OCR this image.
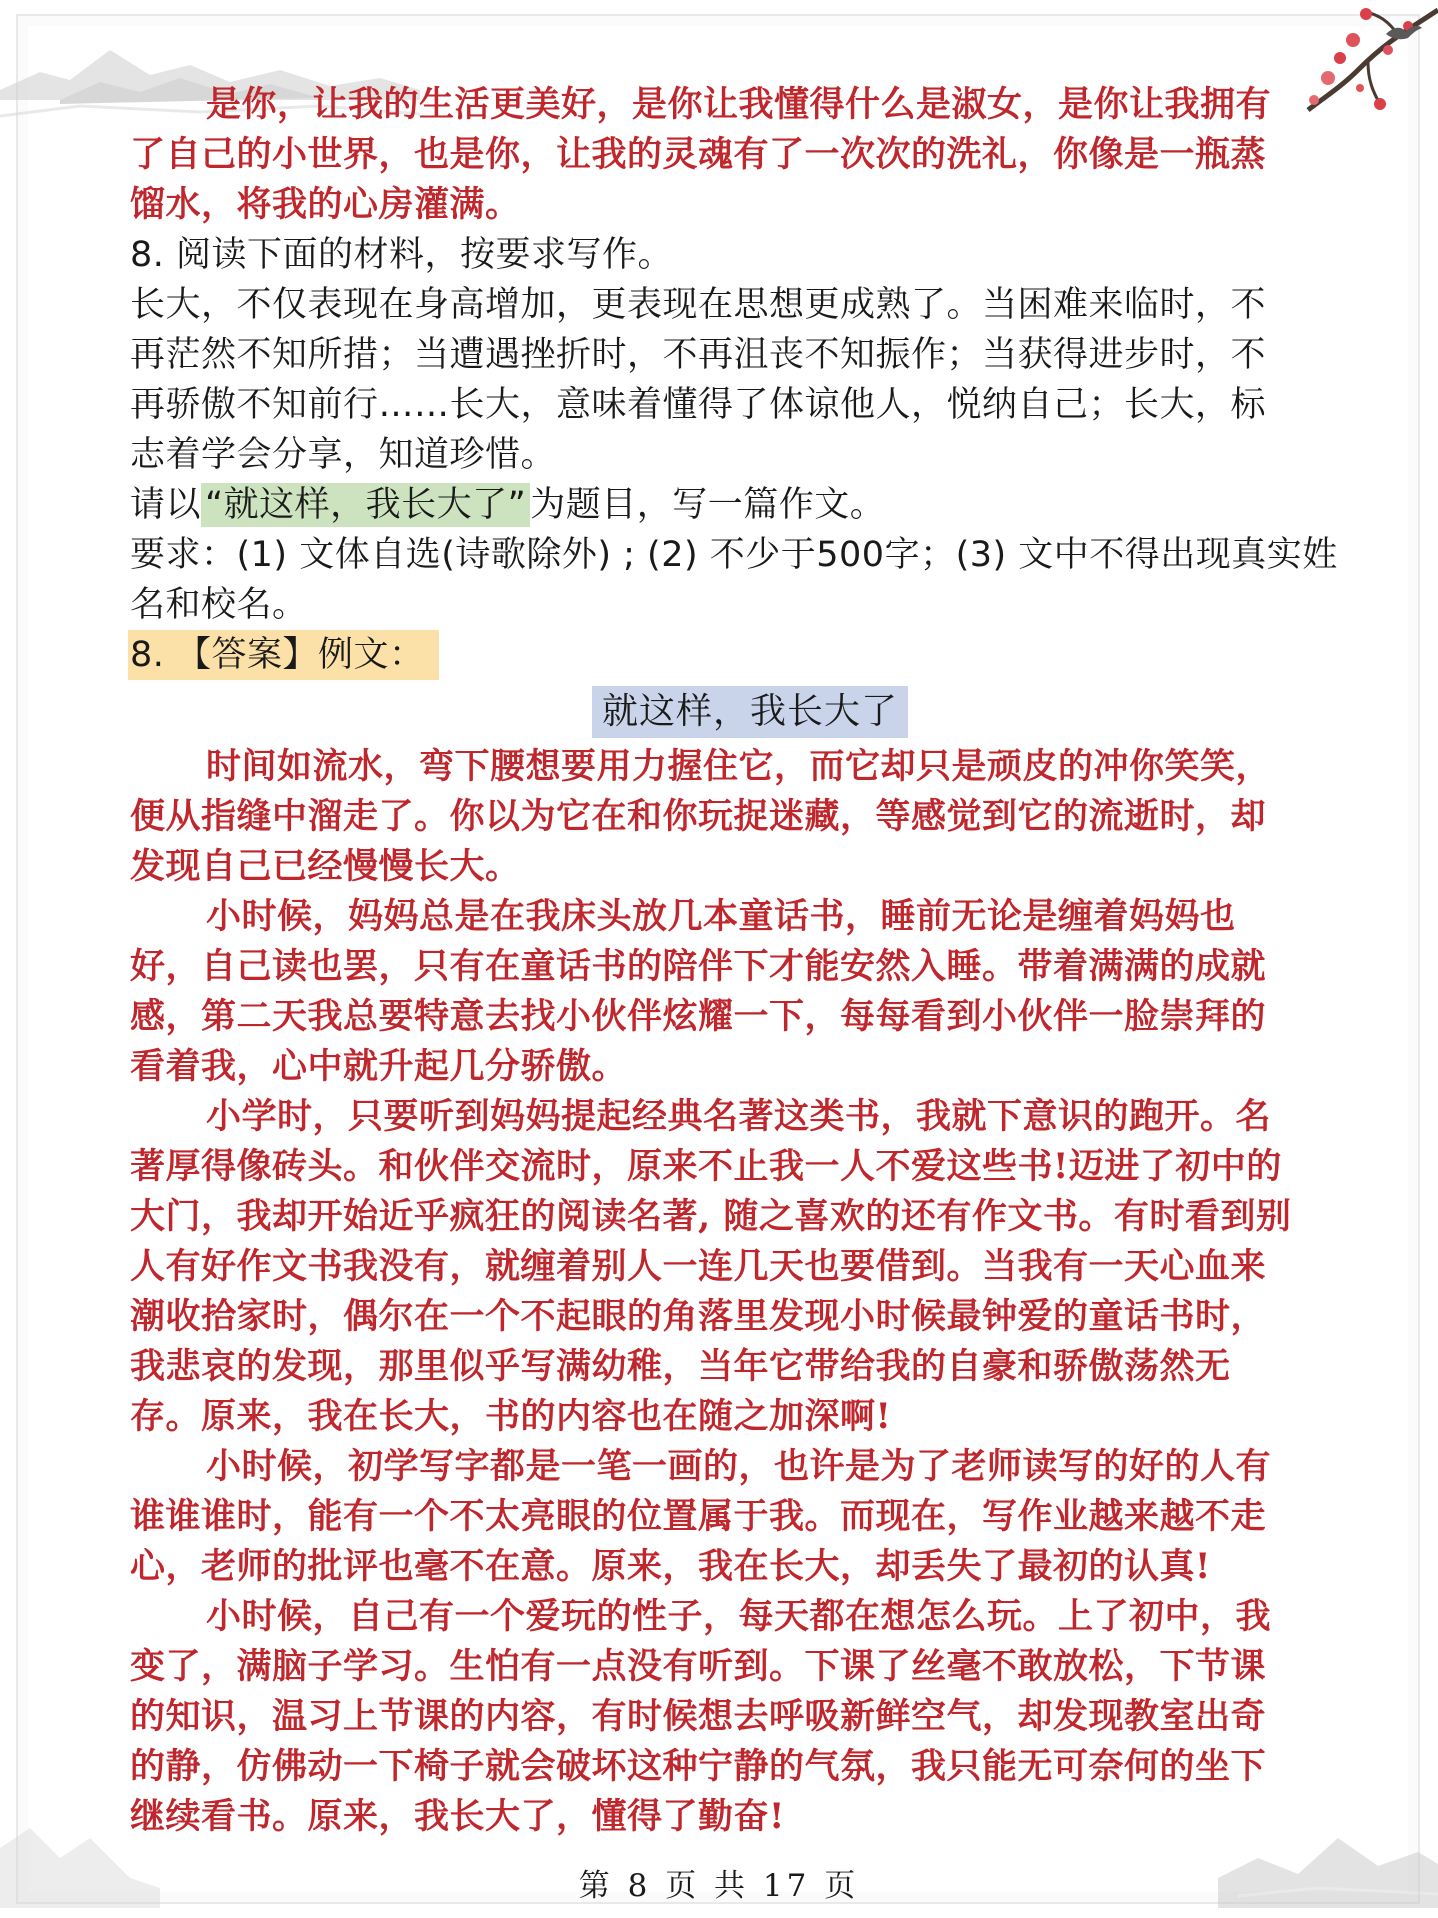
是你，让我的生活更美好，是你让我懂得什么是淑女，是你让我拥有
了自己的小世界，也是你，让我的灵魂有了一次次的洗礼，你像是一瓶蒸
馏水，将我的心房灌满。
8. 阅读下面的材料，按要求写作。
长大，不仅表现在身高增加，更表现在思想更成熟了。当困难来临时，不
再茫然不知所措；当遭遇挫折时，不再沮丧不知振作；当获得进步时，不
再骄傲不知前行……长大，意味着懂得了体谅他人，悦纳自己；长大，标
志着学会分享，知道珍惜。
请以 “就这样，我长大了” 为题目，写一篇作文。
要求：(1) 文体自选(诗歌除外) ; (2) 不少于500字；(3) 文中不得出现真实姓
名和校名。
8. 【答案】例文：
就这样，我长大了
时间如流水，弯下腰想要用力握住它，而它却只是顽皮的冲你笑笑，
便从指缝中溜走了。你以为它在和你玩捉迷藏，等感觉到它的流逝时，却
发现自己已经慢慢长大。
小时候，妈妈总是在我床头放几本童话书，睡前无论是缠着妈妈也
好，自己读也罢，只有在童话书的陪伴下才能安然入睡。带着满满的成就
感，第二天我总要特意去找小伙伴炫耀一下，每每看到小伙伴一脸崇拜的
看着我，心中就升起几分骄傲。
小学时，只要听到妈妈提起经典名著这类书，我就下意识的跑开。名
著厚得像砖头。和伙伴交流时，原来不止我一人不爱这些书!迈进了初中的
大门，我却开始近乎疯狂的阅读名著, 随之喜欢的还有作文书。有时看到别
人有好作文书我没有，就缠着别人一连几天也要借到。当我有一天心血来
潮收拾家时，偶尔在一个不起眼的角落里发现小时候最钟爱的童话书时，
我悲哀的发现，那里似乎写满幼稚，当年它带给我的自豪和骄傲荡然无
存。原来，我在长大，书的内容也在随之加深啊!
小时候，初学写字都是一笔一画的，也许是为了老师读写的好的人有
谁谁谁时，能有一个不太亮眼的位置属于我。而现在，写作业越来越不走
心，老师的批评也毫不在意。原来，我在长大，却丢失了最初的认真!
小时候，自己有一个爱玩的性子，每天都在想怎么玩。上了初中，我
变了，满脑子学习。生怕有一点没有听到。下课了丝毫不敢放松，下节课
的知识，温习上节课的内容，有时候想去呼吸新鲜空气，却发现教室出奇
的静，仿佛动一下椅子就会破坏这种宁静的气氛，我只能无可奈何的坐下
继续看书。原来，我长大了，懂得了勤奋!
第 8 页 共 17 页
